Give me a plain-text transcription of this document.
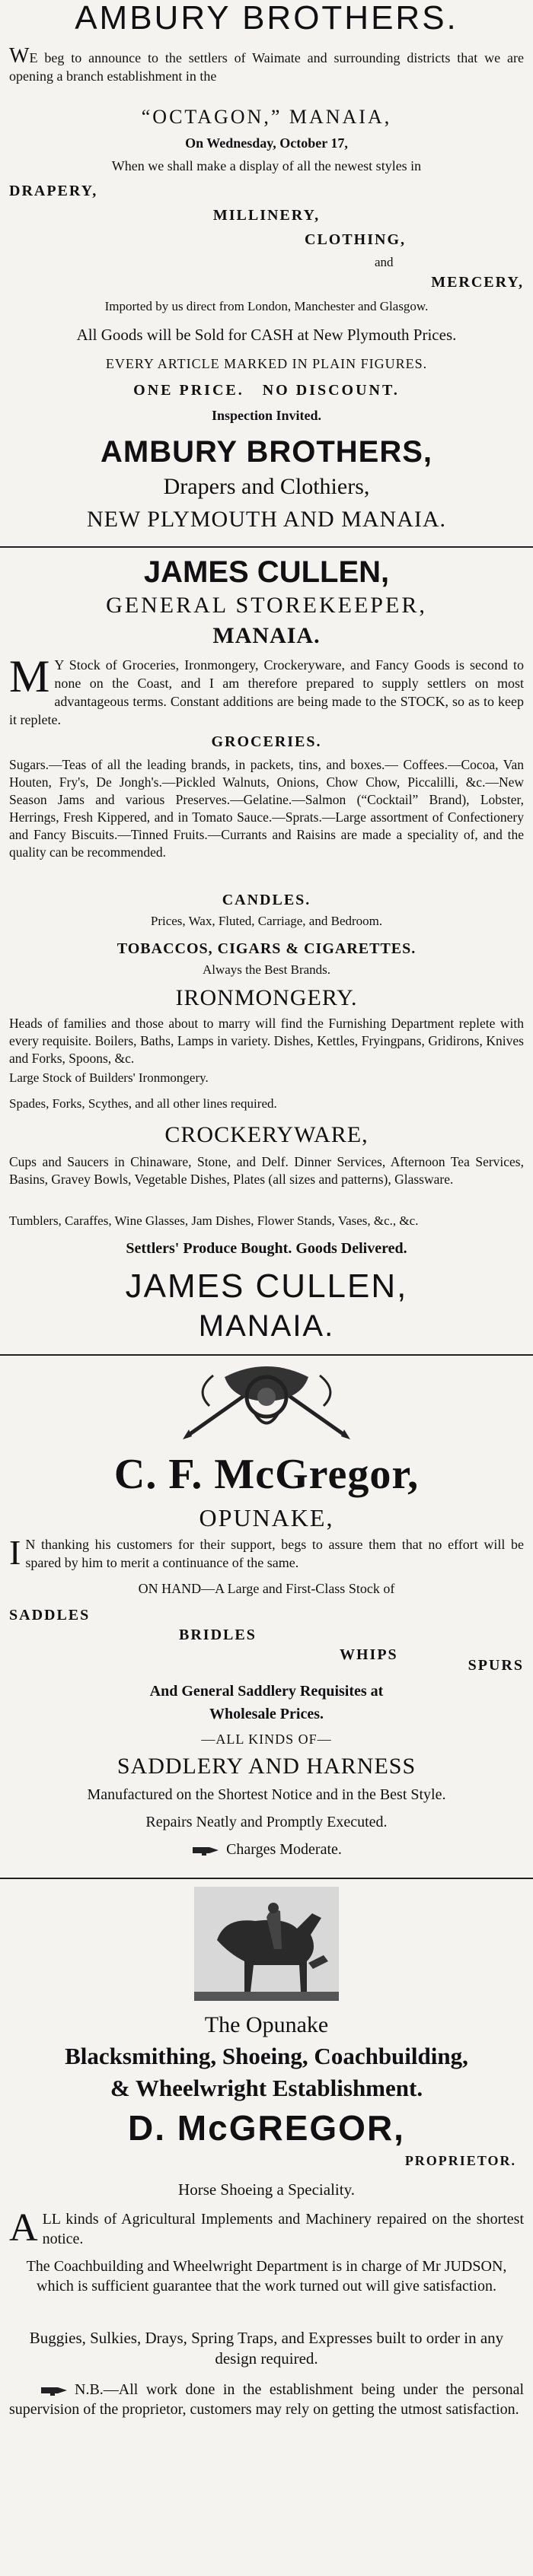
AMBURY BROTHERS.
WE beg to announce to the settlers of Waimate and surrounding districts that we are opening a branch establishment in the
“OCTAGON,” MANAIA,
On Wednesday, October 17,
When we shall make a display of all the newest styles in
DRAPERY,
MILLINERY,
CLOTHING,
and
MERCERY,
Imported by us direct from London, Manchester and Glasgow.
All Goods will be Sold for CASH at New Plymouth Prices.
EVERY ARTICLE MARKED IN PLAIN FIGURES.
ONE PRICE. NO DISCOUNT.
Inspection Invited.
AMBURY BROTHERS,
Drapers and Clothiers,
NEW PLYMOUTH AND MANAIA.
JAMES CULLEN,
GENERAL STOREKEEPER,
MANAIA.
M Y Stock of Groceries, Ironmongery, Crockeryware, and Fancy Goods is second to none on the Coast, and I am therefore prepared to supply settlers on most advantageous terms. Constant additions are being made to the STOCK, so as to keep it replete.
GROCERIES.
Sugars.—Teas of all the leading brands, in packets, tins, and boxes.— Coffees.—Cocoa, Van Houten, Fry's, De Jongh's.—Pickled Walnuts, Onions, Chow Chow, Piccalilli, &c.—New Season Jams and various Preserves.—Gelatine.—Salmon (“Cocktail” Brand), Lobster, Herrings, Fresh Kippered, and in Tomato Sauce.—Sprats.—Large assortment of Confectionery and Fancy Biscuits.—Tinned Fruits.—Currants and Raisins are made a speciality of, and the quality can be recommended.
CANDLES.
Prices, Wax, Fluted, Carriage, and Bedroom.
TOBACCOS, CIGARS & CIGARETTES.
Always the Best Brands.
IRONMONGERY.
Heads of families and those about to marry will find the Furnishing Department replete with every requisite. Boilers, Baths, Lamps in variety. Dishes, Kettles, Fryingpans, Gridirons, Knives and Forks, Spoons, &c.
Large Stock of Builders' Ironmongery.
Spades, Forks, Scythes, and all other lines required.
CROCKERYWARE,
Cups and Saucers in Chinaware, Stone, and Delf. Dinner Services, Afternoon Tea Services, Basins, Gravey Bowls, Vegetable Dishes, Plates (all sizes and patterns), Glassware.
Tumblers, Caraffes, Wine Glasses, Jam Dishes, Flower Stands, Vases, &c., &c.
Settlers' Produce Bought. Goods Delivered.
JAMES CULLEN,
MANAIA.
C. F. McGregor,
OPUNAKE,
I N thanking his customers for their support, begs to assure them that no effort will be spared by him to merit a continuance of the same.
ON HAND—A Large and First-Class Stock of
SADDLES
BRIDLES
WHIPS
SPURS
And General Saddlery Requisites at
Wholesale Prices.
—ALL KINDS OF—
SADDLERY AND HARNESS
Manufactured on the Shortest Notice and in the Best Style.
Repairs Neatly and Promptly Executed.
Charges Moderate.
The Opunake
Blacksmithing, Shoeing, Coachbuilding,
& Wheelwright Establishment.
D. McGREGOR,
PROPRIETOR.
Horse Shoeing a Speciality.
ALL kinds of Agricultural Implements and Machinery repaired on the shortest notice.
The Coachbuilding and Wheelwright Department is in charge of Mr JUDSON, which is sufficient guarantee that the work turned out will give satisfaction.
Buggies, Sulkies, Drays, Spring Traps, and Expresses built to order in any design required.
N.B.—All work done in the establishment being under the personal supervision of the proprietor, customers may rely on getting the utmost satisfaction.
